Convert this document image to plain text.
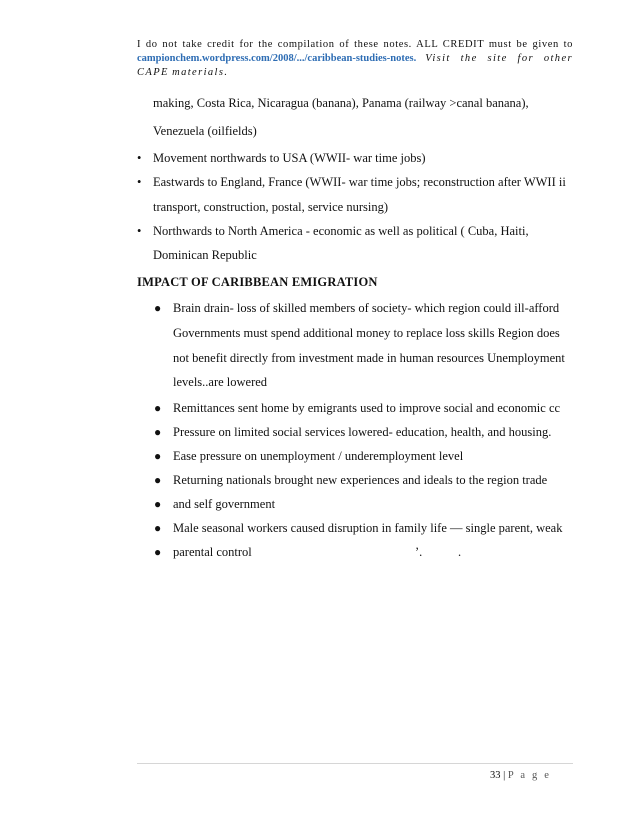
I do not take credit for the compilation of these notes. ALL CREDIT must be given to campionchem.wordpress.com/2008/.../caribbean-studies-notes. Visit the site for other CAPE materials.
making, Costa Rica, Nicaragua (banana), Panama (railway >canal banana),
Venezuela (oilfields)
• Movement northwards to USA (WWII- war time jobs)
• Eastwards to England, France (WWII- war time jobs; reconstruction after WWII ii
transport, construction, postal, service nursing)
• Northwards to North America - economic as well as political ( Cuba, Haiti,
Dominican Republic
IMPACT OF CARIBBEAN EMIGRATION
● Brain drain- loss of skilled members of society- which region could ill-afford
Governments must spend additional money to replace loss skills Region does
not benefit directly from investment made in human resources Unemployment
levels..are lowered
● Remittances sent home by emigrants used to improve social and economic cc
● Pressure on limited social services lowered- education, health, and housing.
● Ease pressure on unemployment / underemployment level
● Returning nationals brought new experiences and ideals to the region trade
● and self government
● Male seasonal workers caused disruption in family life — single parent, weak
● parental control	’.	.
33 | P a g e
